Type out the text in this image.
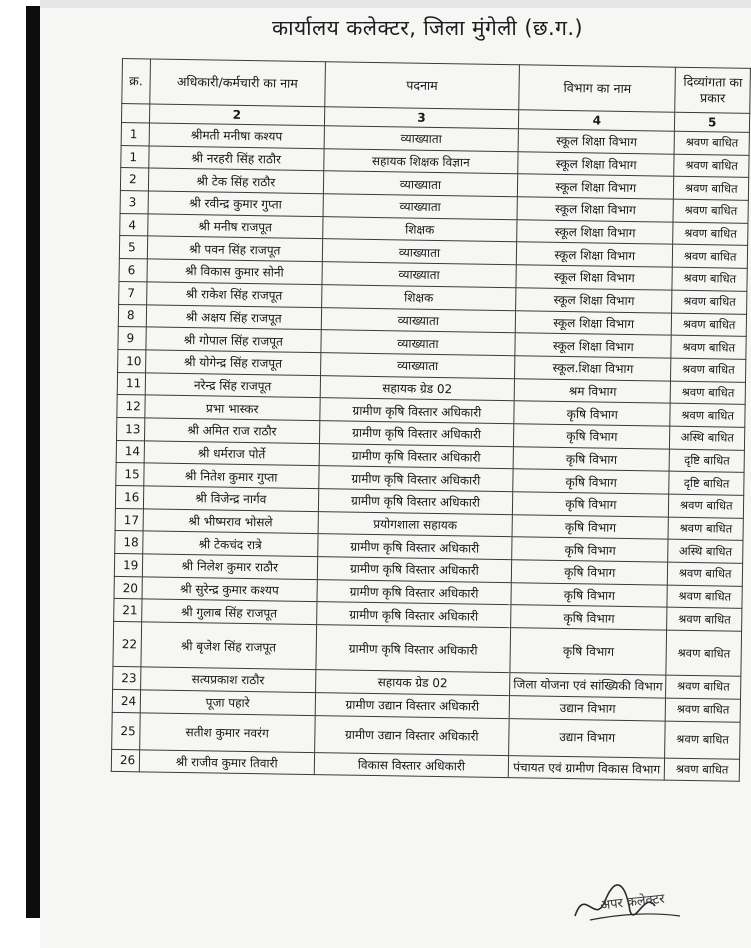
कार्यालय कलेक्टर, जिला मुंगेली (छ.ग.)
क्र.	अधिकारी/कर्मचारी का नाम	पदनाम	विभाग का नाम	दिव्यांगता का प्रकार
	2	3	4	5
1	श्रीमती मनीषा कश्यप	व्याख्याता	स्कूल शिक्षा विभाग	श्रवण बाधित
1	श्री नरहरी सिंह राठौर	सहायक शिक्षक विज्ञान	स्कूल शिक्षा विभाग	श्रवण बाधित
2	श्री टेक सिंह राठौर	व्याख्याता	स्कूल शिक्षा विभाग	श्रवण बाधित
3	श्री रवीन्द्र कुमार गुप्ता	व्याख्याता	स्कूल शिक्षा विभाग	श्रवण बाधित
4	श्री मनीष राजपूत	शिक्षक	स्कूल शिक्षा विभाग	श्रवण बाधित
5	श्री पवन सिंह राजपूत	व्याख्याता	स्कूल शिक्षा विभाग	श्रवण बाधित
6	श्री विकास कुमार सोनी	व्याख्याता	स्कूल शिक्षा विभाग	श्रवण बाधित
7	श्री राकेश सिंह राजपूत	शिक्षक	स्कूल शिक्षा विभाग	श्रवण बाधित
8	श्री अक्षय सिंह राजपूत	व्याख्याता	स्कूल शिक्षा विभाग	श्रवण बाधित
9	श्री गोपाल सिंह राजपूत	व्याख्याता	स्कूल शिक्षा विभाग	श्रवण बाधित
10	श्री योगेन्द्र सिंह राजपूत	व्याख्याता	स्कूल.शिक्षा विभाग	श्रवण बाधित
11	नरेन्द्र सिंह राजपूत	सहायक ग्रेड 02	श्रम विभाग	श्रवण बाधित
12	प्रभा भास्कर	ग्रामीण कृषि विस्तार अधिकारी	कृषि विभाग	श्रवण बाधित
13	श्री अमित राज राठौर	ग्रामीण कृषि विस्तार अधिकारी	कृषि विभाग	अस्थि बाधित
14	श्री धर्मराज पोर्ते	ग्रामीण कृषि विस्तार अधिकारी	कृषि विभाग	दृष्टि बाधित
15	श्री नितेश कुमार गुप्ता	ग्रामीण कृषि विस्तार अधिकारी	कृषि विभाग	दृष्टि बाधित
16	श्री विजेन्द्र नार्गव	ग्रामीण कृषि विस्तार अधिकारी	कृषि विभाग	श्रवण बाधित
17	श्री भीष्मराव भोसले	प्रयोगशाला सहायक	कृषि विभाग	श्रवण बाधित
18	श्री टेकचंद रात्रे	ग्रामीण कृषि विस्तार अधिकारी	कृषि विभाग	अस्थि बाधित
19	श्री निलेश कुमार राठौर	ग्रामीण कृषि विस्तार अधिकारी	कृषि विभाग	श्रवण बाधित
20	श्री सुरेन्द्र कुमार कश्यप	ग्रामीण कृषि विस्तार अधिकारी	कृषि विभाग	श्रवण बाधित
21	श्री गुलाब सिंह राजपूत	ग्रामीण कृषि विस्तार अधिकारी	कृषि विभाग	श्रवण बाधित
22	श्री बृजेश सिंह राजपूत	ग्रामीण कृषि विस्तार अधिकारी	कृषि विभाग	श्रवण बाधित
23	सत्यप्रकाश राठौर	सहायक ग्रेड 02	जिला योजना एवं सांख्यिकी विभाग	श्रवण बाधित
24	पूजा पहारे	ग्रामीण उद्यान विस्तार अधिकारी	उद्यान विभाग	श्रवण बाधित
25	सतीश कुमार नवरंग	ग्रामीण उद्यान विस्तार अधिकारी	उद्यान विभाग	श्रवण बाधित
26	श्री राजीव कुमार तिवारी	विकास विस्तार अधिकारी	पंचायत एवं ग्रामीण विकास विभाग	श्रवण बाधित
अपर कलेक्टर
